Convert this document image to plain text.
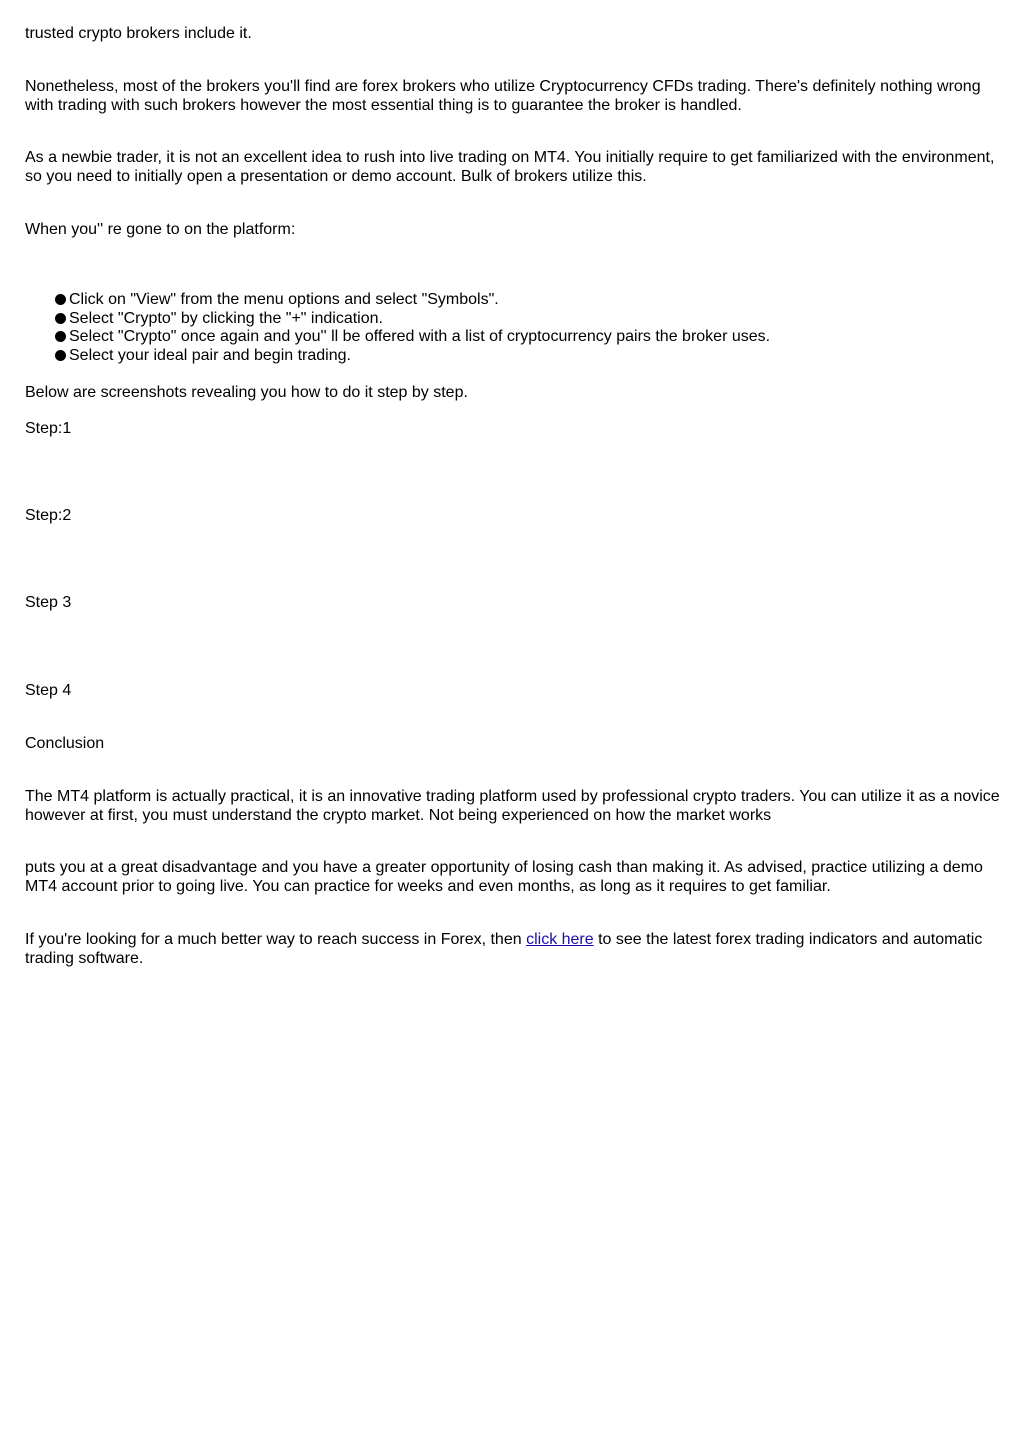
trusted crypto brokers include it.

Nonetheless, most of the brokers you'll find are forex brokers who utilize Cryptocurrency CFDs trading. There's definitely nothing wrong with trading with such brokers however the most essential thing is to guarantee the broker is handled.

As a newbie trader, it is not an excellent idea to rush into live trading on MT4. You initially require to get familiarized with the environment, so you need to initially open a presentation or demo account. Bulk of brokers utilize this.

When you'' re gone to on the platform:

Click on "View" from the menu options and select "Symbols".
Select "Crypto" by clicking the "+" indication.
Select "Crypto" once again and you'' ll be offered with a list of cryptocurrency pairs the broker uses.
Select your ideal pair and begin trading.

Below are screenshots revealing you how to do it step by step.

Step:1

Step:2

Step 3

Step 4

Conclusion

The MT4 platform is actually practical, it is an innovative trading platform used by professional crypto traders. You can utilize it as a novice however at first, you must understand the crypto market. Not being experienced on how the market works

puts you at a great disadvantage and you have a greater opportunity of losing cash than making it. As advised, practice utilizing a demo MT4 account prior to going live. You can practice for weeks and even months, as long as it requires to get familiar.

If you're looking for a much better way to reach success in Forex, then click here to see the latest forex trading indicators and automatic trading software.
